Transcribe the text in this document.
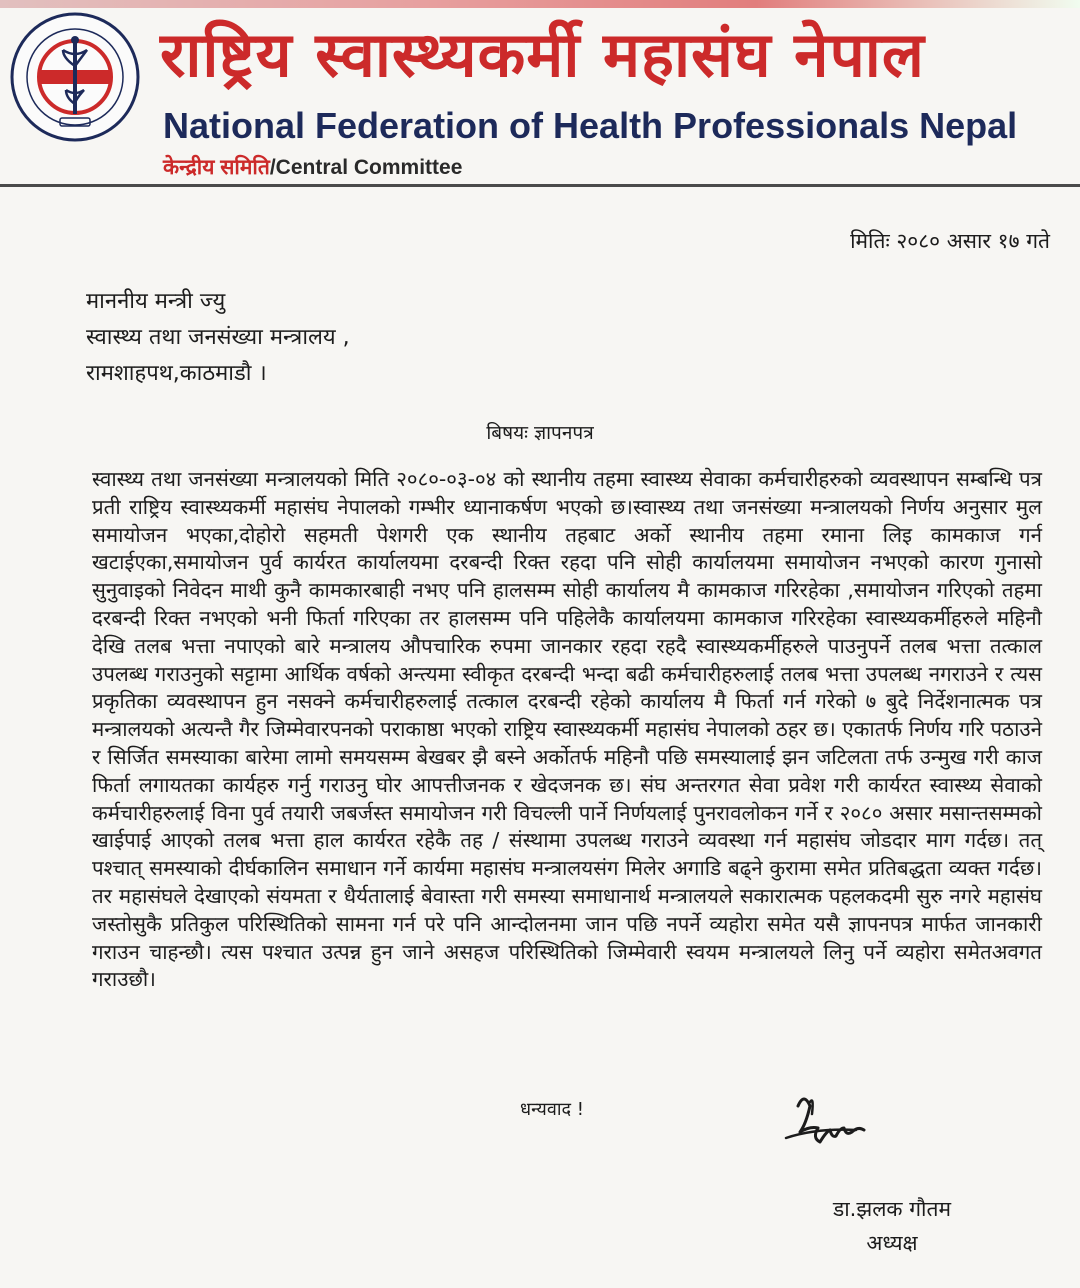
राष्ट्रिय स्वास्थ्यकर्मी महासंघ नेपाल
National Federation of Health Professionals Nepal
केन्द्रीय समिति/Central Committee
मितिः २०८० असार १७ गते
माननीय मन्त्री ज्यु
स्वास्थ्य तथा जनसंख्या मन्त्रालय ,
रामशाहपथ,काठमाडौ ।
बिषयः ज्ञापनपत्र
स्वास्थ्य तथा जनसंख्या मन्त्रालयको मिति २०८०-०३-०४ को स्थानीय तहमा स्वास्थ्य सेवाका कर्मचारीहरुको व्यवस्थापन सम्बन्धि पत्र प्रती राष्ट्रिय स्वास्थ्यकर्मी महासंघ नेपालको गम्भीर ध्यानाकर्षण भएको छ।स्वास्थ्य तथा जनसंख्या मन्त्रालयको निर्णय अनुसार मुल समायोजन भएका,दोहोरो सहमती पेशगरी एक स्थानीय तहबाट अर्को स्थानीय तहमा रमाना लिइ कामकाज गर्न खटाईएका,समायोजन पुर्व कार्यरत कार्यालयमा दरबन्दी रिक्त रहदा पनि सोही कार्यालयमा समायोजन नभएको कारण गुनासो सुनुवाइको निवेदन माथी कुनै कामकारबाही नभए पनि हालसम्म सोही कार्यालय मै कामकाज गरिरहेका ,समायोजन गरिएको तहमा दरबन्दी रिक्त नभएको भनी फिर्ता गरिएका तर हालसम्म पनि पहिलेकै कार्यालयमा कामकाज गरिरहेका स्वास्थ्यकर्मीहरुले महिनौ देखि तलब भत्ता नपाएको बारे मन्त्रालय औपचारिक रुपमा जानकार रहदा रहदै स्वास्थ्यकर्मीहरुले पाउनुपर्ने तलब भत्ता तत्काल उपलब्ध गराउनुको सट्टामा आर्थिक वर्षको अन्त्यमा स्वीकृत दरबन्दी भन्दा बढी कर्मचारीहरुलाई तलब भत्ता उपलब्ध नगराउने र त्यस प्रकृतिका व्यवस्थापन हुन नसक्ने कर्मचारीहरुलाई तत्काल दरबन्दी रहेको कार्यालय मै फिर्ता गर्न गरेको ७ बुदे निर्देशनात्मक पत्र मन्त्रालयको अत्यन्तै गैर जिम्मेवारपनको पराकाष्ठा भएको राष्ट्रिय स्वास्थ्यकर्मी महासंघ नेपालको ठहर छ। एकातर्फ निर्णय गरि पठाउने र सिर्जित समस्याका बारेमा लामो समयसम्म बेखबर झै बस्ने अर्कोतर्फ महिनौ पछि समस्यालाई झन जटिलता तर्फ उन्मुख गरी काज फिर्ता लगायतका कार्यहरु गर्नु गराउनु घोर आपत्तीजनक र खेदजनक छ। संघ अन्तरगत सेवा प्रवेश गरी कार्यरत स्वास्थ्य सेवाको कर्मचारीहरुलाई विना पुर्व तयारी जबर्जस्त समायोजन गरी विचल्ली पार्ने निर्णयलाई पुनरावलोकन गर्ने र २०८० असार मसान्तसम्मको खाईपाई आएको तलब भत्ता हाल कार्यरत रहेकै तह / संस्थामा उपलब्ध गराउने व्यवस्था गर्न महासंघ जोडदार माग गर्दछ। तत् पश्चात् समस्याको दीर्घकालिन समाधान गर्ने कार्यमा महासंघ मन्त्रालयसंग मिलेर अगाडि बढ्ने कुरामा समेत प्रतिबद्धता व्यक्त गर्दछ। तर महासंघले देखाएको संयमता र धैर्यतालाई बेवास्ता गरी समस्या समाधानार्थ मन्त्रालयले सकारात्मक पहलकदमी सुरु नगरे महासंघ जस्तोसुकै प्रतिकुल परिस्थितिको सामना गर्न परे पनि आन्दोलनमा जान पछि नपर्ने व्यहोरा समेत यसै ज्ञापनपत्र मार्फत जानकारी गराउन चाहन्छौ। त्यस पश्चात उत्पन्न हुन जाने असहज परिस्थितिको जिम्मेवारी स्वयम मन्त्रालयले लिनु पर्ने व्यहोरा समेतअवगत गराउछौ।
धन्यवाद !
डा.झलक गौतम
अध्यक्ष
